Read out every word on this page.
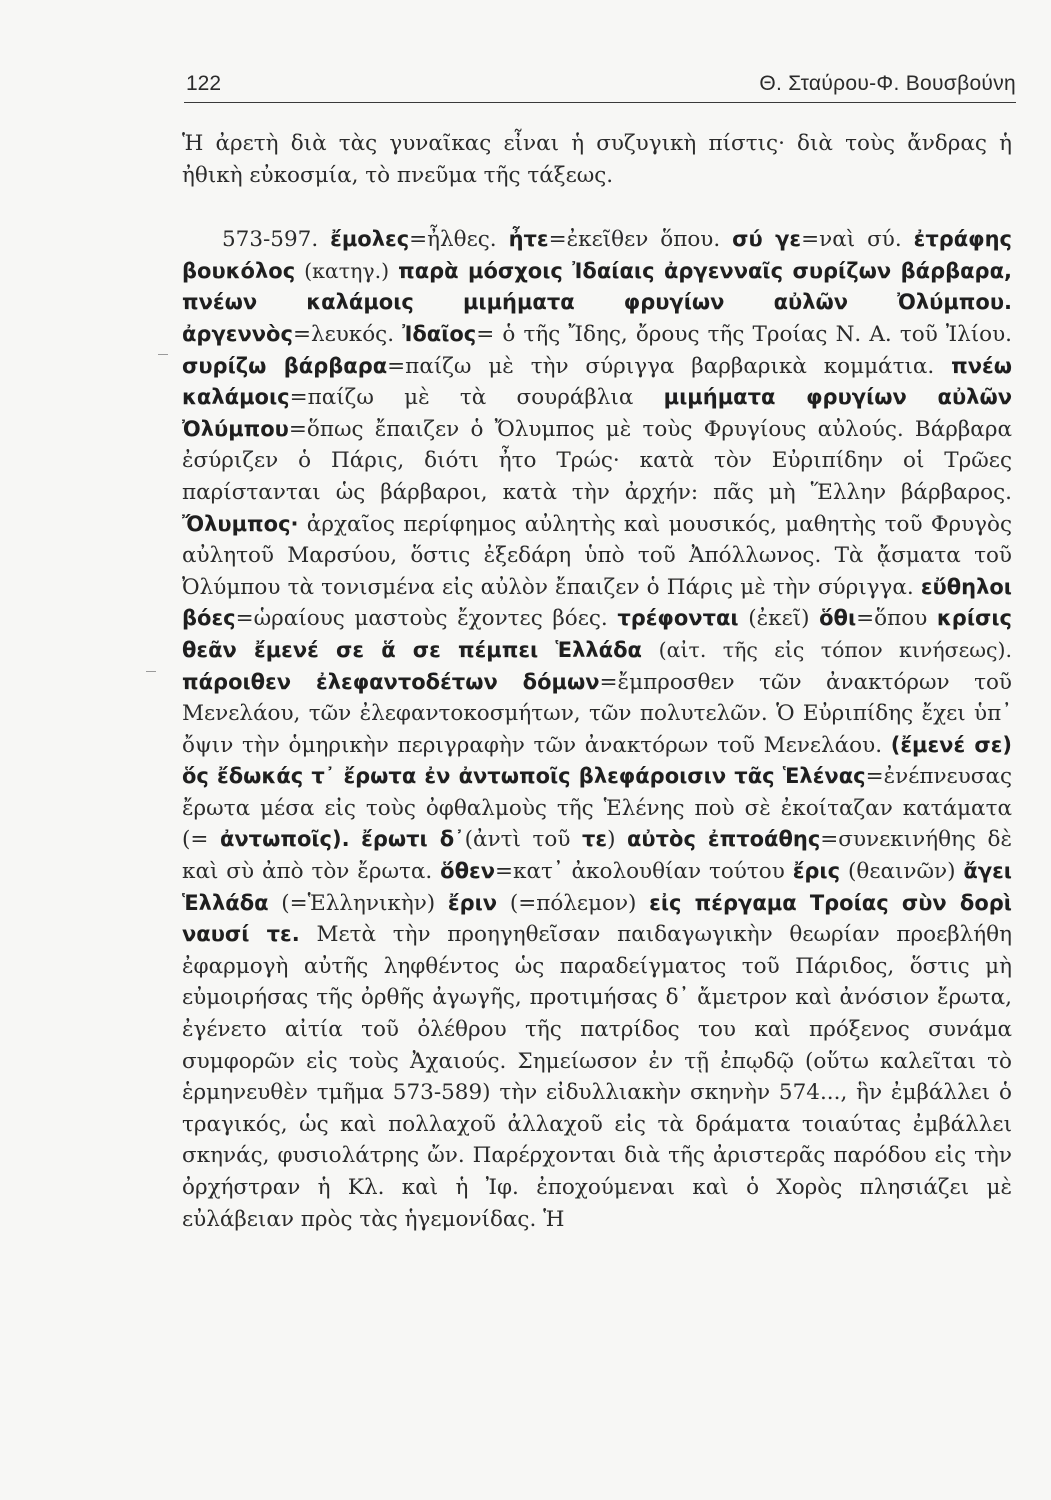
122	Θ. Σταύρου-Φ. Βουσβούνη

Ἡ ἀρετὴ διὰ τὰς γυναῖκας εἶναι ἡ συζυγικὴ πίστις· διὰ τοὺς ἄνδρας ἡ ἠθικὴ εὐκοσμία, τὸ πνεῦμα τῆς τάξεως.

573-597. ἔμολες=ἦλθες. ἦτε=ἐκεῖθεν ὅπου. σύ γε=ναὶ σύ. ἐτράφης βουκόλος (κατηγ.) παρὰ μόσχοις Ἰδαίαις ἀργενναῖς συρίζων βάρβαρα, πνέων καλάμοις μιμήματα φρυγίων αὐλῶν Ὀλύμπου. ἀργεννὸς=λευκός. Ἰδαῖος= ὁ τῆς Ἴδης, ὄρους τῆς Τροίας Ν. Α. τοῦ Ἰλίου. συρίζω βάρβαρα=παίζω μὲ τὴν σύριγγα βαρβαρικὰ κομμάτια. πνέω καλάμοις=παίζω μὲ τὰ σουράβλια μιμήματα φρυγίων αὐλῶν Ὀλύμπου=ὅπως ἔπαιζεν ὁ Ὄλυμπος μὲ τοὺς Φρυγίους αὐλούς. Βάρβαρα ἐσύριζεν ὁ Πάρις, διότι ἦτο Τρώς· κατὰ τὸν Εὐριπίδην οἱ Τρῶες παρίστανται ὡς βάρβαροι, κατὰ τὴν ἀρχήν: πᾶς μὴ Ἕλλην βάρβαρος. Ὄλυμπος· ἀρχαῖος περίφημος αὐλητὴς καὶ μουσικός, μαθητὴς τοῦ Φρυγὸς αὐλητοῦ Μαρσύου, ὅστις ἐξεδάρη ὑπὸ τοῦ Ἀπόλλωνος. Τὰ ᾄσματα τοῦ Ὀλύμπου τὰ τονισμένα εἰς αὐλὸν ἔπαιζεν ὁ Πάρις μὲ τὴν σύριγγα. εὔθηλοι βόες=ὡραίους μαστοὺς ἔχοντες βόες. τρέφονται (ἐκεῖ) ὅθι=ὅπου κρίσις θεᾶν ἔμενέ σε ἅ σε πέμπει Ἑλλάδα (αἰτ. τῆς εἰς τόπον κινήσεως). πάροιθεν ἐλεφαντοδέτων δόμων=ἔμπροσθεν τῶν ἀνακτόρων τοῦ Μενελάου, τῶν ἐλεφαντοκοσμήτων, τῶν πολυτελῶν. Ὁ Εὐριπίδης ἔχει ὑπ᾿ ὄψιν τὴν ὁμηρικὴν περιγραφὴν τῶν ἀνακτόρων τοῦ Μενελάου. (ἔμενέ σε) ὅς ἔδωκάς τ᾿ ἔρωτα ἐν ἀντωποῖς βλεφάροισιν τᾶς Ἑλένας=ἐνέπνευσας ἔρωτα μέσα εἰς τοὺς ὀφθαλμοὺς τῆς Ἑλένης ποὺ σὲ ἐκοίταζαν κατάματα (= ἀντωποῖς). ἔρωτι δ᾿(ἀντὶ τοῦ τε) αὐτὸς ἐπτοάθης=συνεκινήθης δὲ καὶ σὺ ἀπὸ τὸν ἔρωτα. ὅθεν=κατ᾿ ἀκολουθίαν τούτου ἔρις (θεαινῶν) ἄγει Ἑλλάδα (=Ἑλληνικὴν) ἔριν (=πόλεμον) εἰς πέργαμα Τροίας σὺν δορὶ ναυσί τε. Μετὰ τὴν προηγηθεῖσαν παιδαγωγικὴν θεωρίαν προεβλήθη ἐφαρμογὴ αὐτῆς ληφθέντος ὡς παραδείγματος τοῦ Πάριδος, ὅστις μὴ εὐμοιρήσας τῆς ὀρθῆς ἀγωγῆς, προτιμήσας δ᾿ ἄμετρον καὶ ἀνόσιον ἔρωτα, ἐγένετο αἰτία τοῦ ὀλέθρου τῆς πατρίδος του καὶ πρόξενος συνάμα συμφορῶν εἰς τοὺς Ἀχαιούς. Σημείωσον ἐν τῇ ἐπῳδῷ (οὕτω καλεῖται τὸ ἑρμηνευθὲν τμῆμα 573-589) τὴν εἰδυλλιακὴν σκηνὴν 574..., ἣν ἐμβάλλει ὁ τραγικός, ὡς καὶ πολλαχοῦ ἀλλαχοῦ εἰς τὰ δράματα τοιαύτας ἐμβάλλει σκηνάς, φυσιολάτρης ὤν. Παρέρχονται διὰ τῆς ἀριστερᾶς παρόδου εἰς τὴν ὀρχήστραν ἡ Κλ. καὶ ἡ Ἰφ. ἐποχούμεναι καὶ ὁ Χορὸς πλησιάζει μὲ εὐλάβειαν πρὸς τὰς ἡγεμονίδας. Ἡ
